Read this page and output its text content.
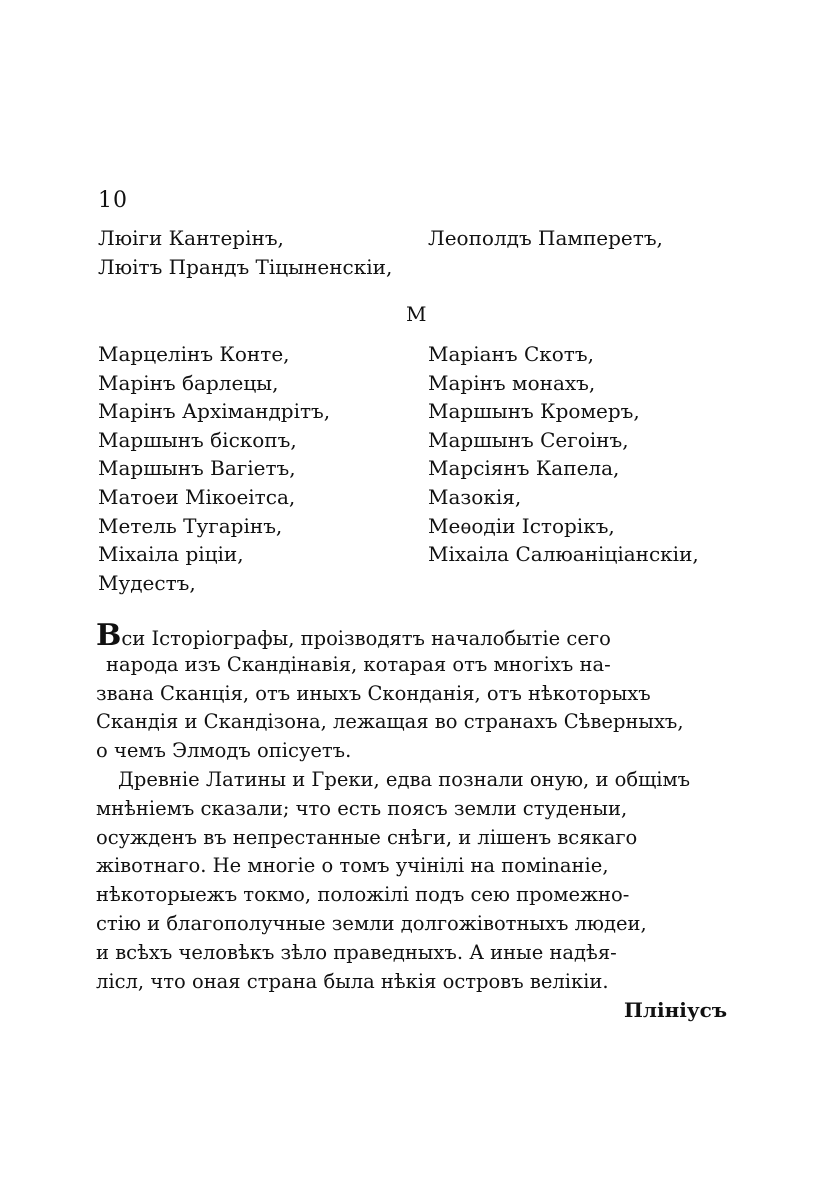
10
Люіги Кантерінъ,
Люітъ Прандъ Тіцыненскіи,
Леополдъ Памперетъ,
M
Марцелінъ Конте,
Марінъ барлецы,
Марінъ Архімандрітъ,
Маршынъ біскопъ,
Маршынъ Вагіетъ,
Матоеи Мікоеітса,
Метель Тугарінъ,
Міхаіла ріціи,
Мудестъ,
Маріанъ Скотъ,
Марінъ монахъ,
Маршынъ Кромеръ,
Маршынъ Сегоінъ,
Марсіянъ Капела,
Мазокія,
Меѳодіи Історікъ,
Міхаіла Салюаніціанскіи,
Вси Історіографы, проізводятъ началобытіе сего
народа изъ Скандінавія, котарая отъ многіхъ на-
звана Сканція, отъ иныхъ Сконданія, отъ нѣкоторыхъ
Скандія и Скандізона, лежащая во странахъ Сѣверныхъ,
о чемъ Элмодъ опісуетъ.
Древніе Латины и Греки, едва познали оную, и общімъ
мнѣніемъ сказали; что есть поясъ земли студеныи,
осужденъ въ непрестанные снѣги, и лішенъ всякаго
жівотнаго. Не многіе о томъ учінілі на поміnаніе,
нѣкоторыежъ токмо, положілі подъ сею промежно-
стію и благополучные земли долгожівотныхъ людеи,
и всѣхъ человѣкъ зѣло праведныхъ. А иные надѣя-
лісл, что оная страна была нѣкія островъ велікіи.
Плініусъ
